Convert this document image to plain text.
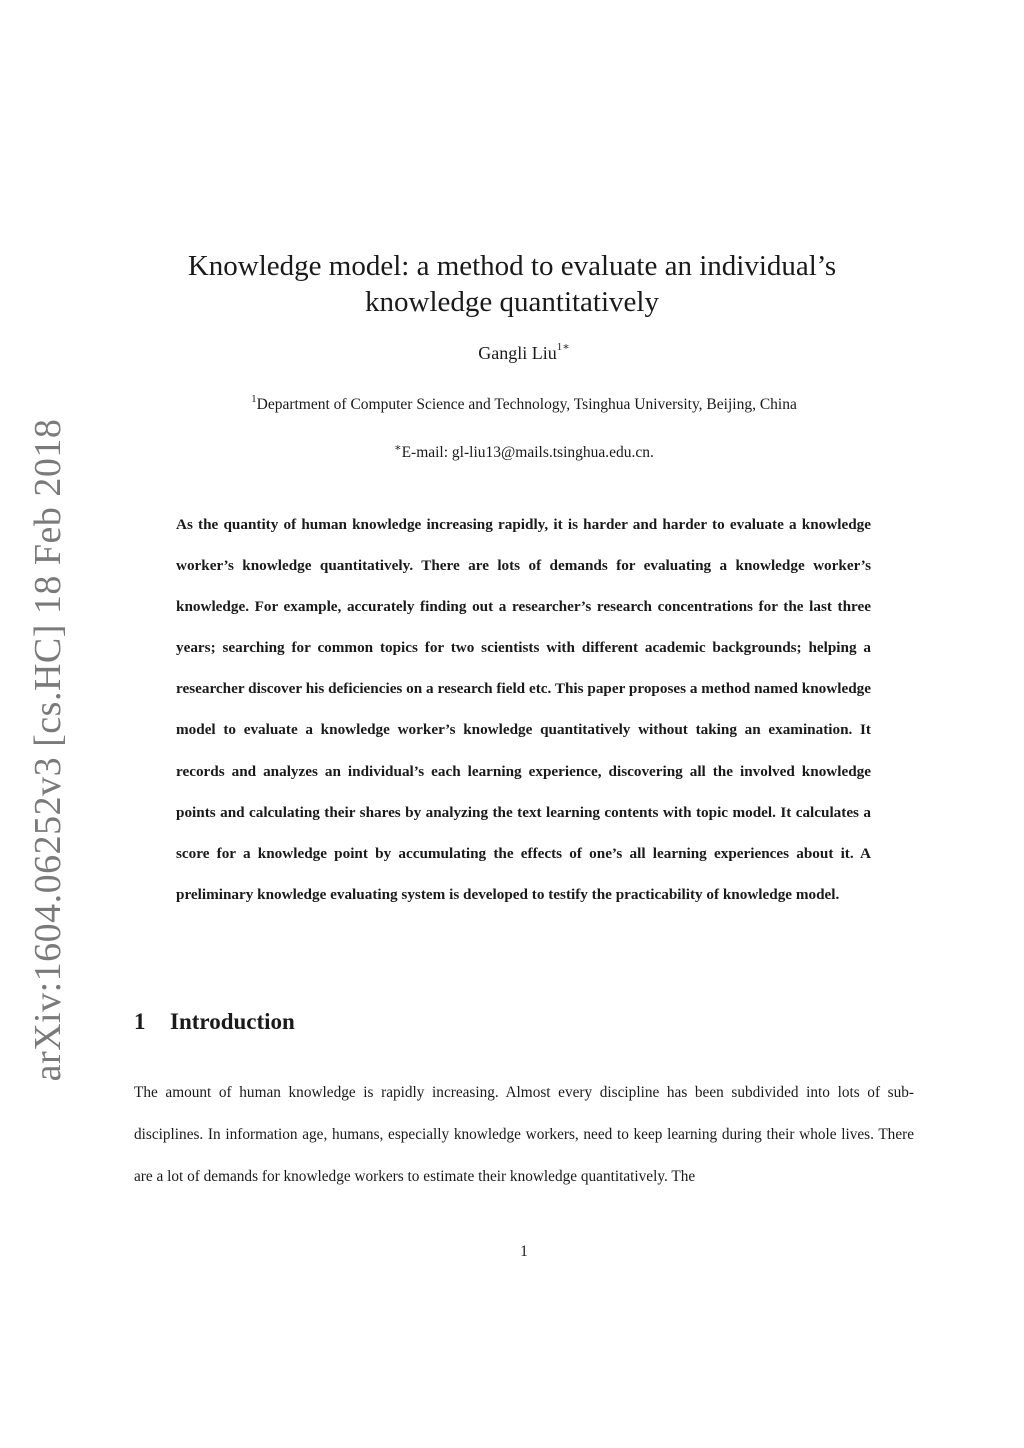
arXiv:1604.06252v3 [cs.HC] 18 Feb 2018
Knowledge model: a method to evaluate an individual’s
knowledge quantitatively
Gangli Liu$^{1∗}$
$^1$Department of Computer Science and Technology, Tsinghua University, Beijing, China
∗E-mail: gl-liu13@mails.tsinghua.edu.cn.

As the quantity of human knowledge increasing rapidly, it is harder and harder to evaluate a knowledge worker’s knowledge quantitatively. There are lots of demands for evaluating a knowledge worker’s knowledge. For example, accurately finding out a researcher’s research concentrations for the last three years; searching for common topics for two scientists with different academic backgrounds; helping a researcher discover his deficiencies on a research field etc. This paper proposes a method named knowledge model to evaluate a knowledge worker’s knowledge quantitatively without taking an examination. It records and analyzes an individual’s each learning experience, discovering all the involved knowledge points and calculating their shares by analyzing the text learning contents with topic model. It calculates a score for a knowledge point by accumulating the effects of one’s all learning experiences about it. A preliminary knowledge evaluating system is developed to testify the practicability of knowledge model.

1 Introduction

The amount of human knowledge is rapidly increasing. Almost every discipline has been subdivided into lots of sub-disciplines. In information age, humans, especially knowledge workers, need to keep learning during their whole lives. There are a lot of demands for knowledge workers to estimate their knowledge quantitatively. The

1
